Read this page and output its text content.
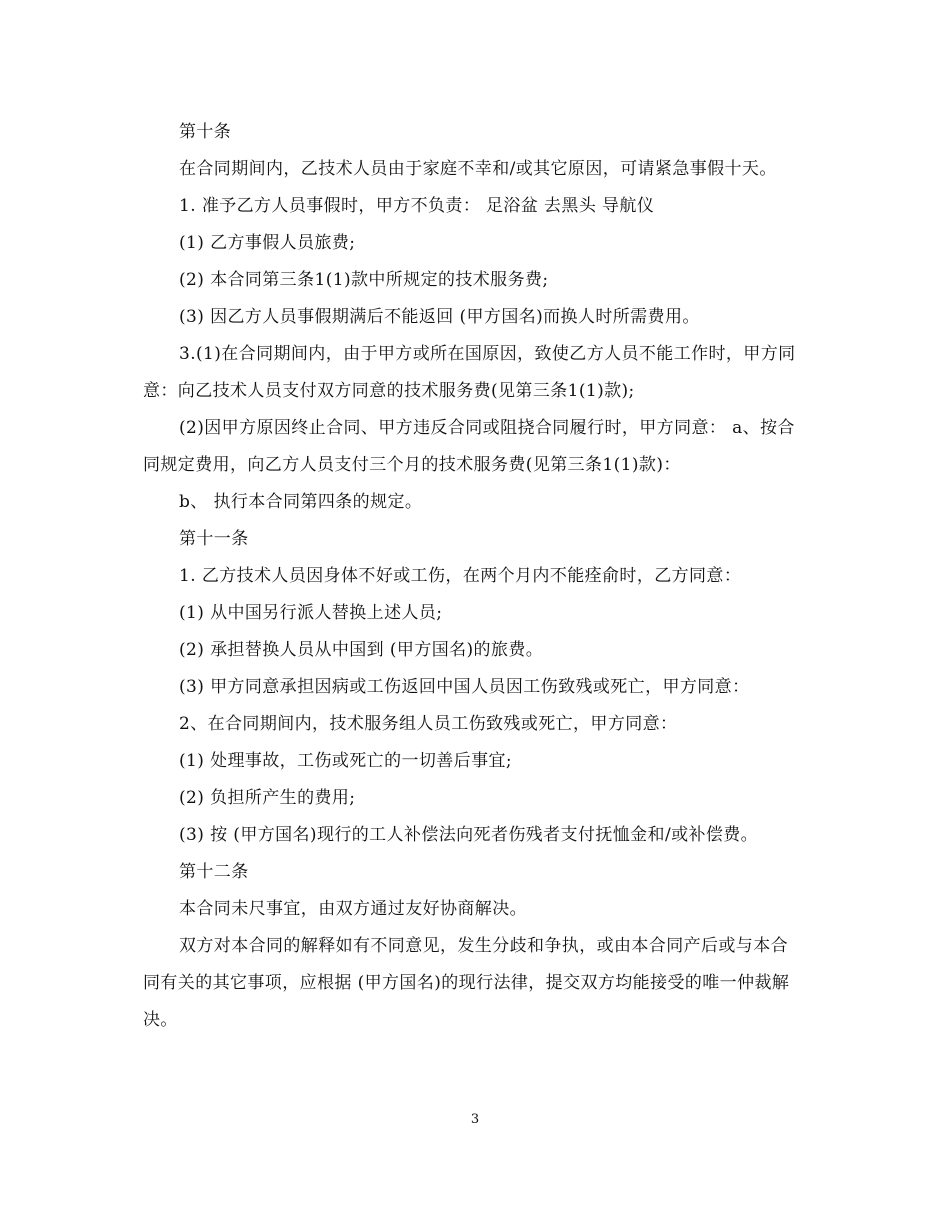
第十条

在合同期间内，乙技术人员由于家庭不幸和/或其它原因，可请紧急事假十天。

1. 准予乙方人员事假时，甲方不负责： 足浴盆 去黑头 导航仪

(1) 乙方事假人员旅费;

(2) 本合同第三条1(1)款中所规定的技术服务费;

(3) 因乙方人员事假期满后不能返回 (甲方国名)而换人时所需费用。

3.(1)在合同期间内，由于甲方或所在国原因，致使乙方人员不能工作时，甲方同意：向乙技术人员支付双方同意的技术服务费(见第三条1(1)款);

(2)因甲方原因终止合同、甲方违反合同或阻挠合同履行时，甲方同意： a、按合同规定费用，向乙方人员支付三个月的技术服务费(见第三条1(1)款)：

b、 执行本合同第四条的规定。

第十一条

1. 乙方技术人员因身体不好或工伤，在两个月内不能痊俞时，乙方同意：

(1) 从中国另行派人替换上述人员;

(2) 承担替换人员从中国到 (甲方国名)的旅费。

(3) 甲方同意承担因病或工伤返回中国人员因工伤致残或死亡，甲方同意：

2、在合同期间内，技术服务组人员工伤致残或死亡，甲方同意：

(1) 处理事故，工伤或死亡的一切善后事宜;

(2) 负担所产生的费用;

(3) 按 (甲方国名)现行的工人补偿法向死者伤残者支付抚恤金和/或补偿费。

第十二条

本合同未尺事宜，由双方通过友好协商解决。

双方对本合同的解释如有不同意见，发生分歧和争执，或由本合同产后或与本合同有关的其它事项，应根据 (甲方国名)的现行法律，提交双方均能接受的唯一仲裁解决。

3
